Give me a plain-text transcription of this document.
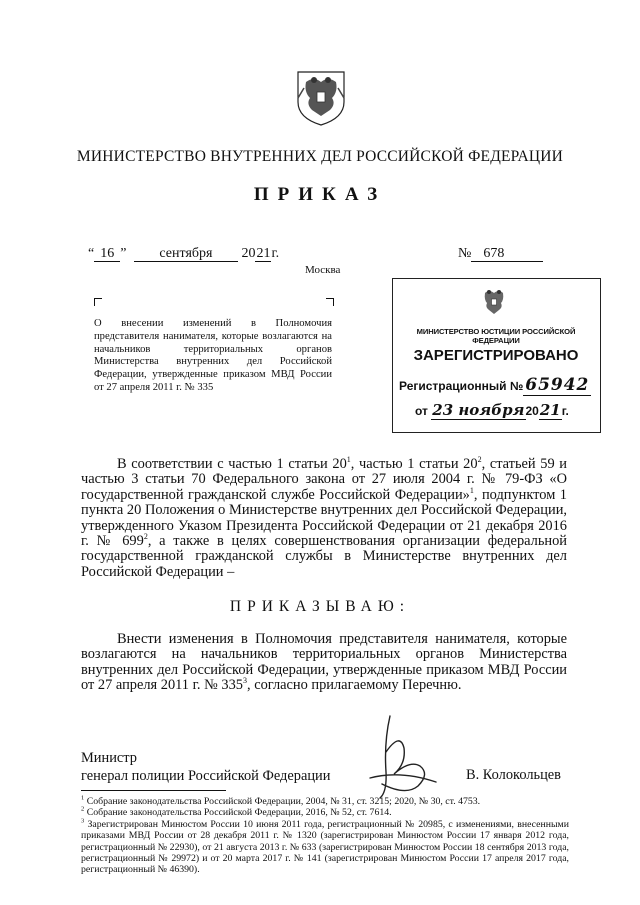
МИНИСТЕРСТВО ВНУТРЕННИХ ДЕЛ РОССИЙСКОЙ ФЕДЕРАЦИИ
ПРИКАЗ
“ 16 ” сентября 2021г.	№ 678
Москва
О внесении изменений в Полномочия представителя нанимателя, которые возлагаются на начальников территориальных органов Министерства внутренних дел Российской Федерации, утвержденные приказом МВД России от 27 апреля 2011 г. № 335
МИНИСТЕРСТВО ЮСТИЦИИ РОССИЙСКОЙ ФЕДЕРАЦИИ
ЗАРЕГИСТРИРОВАНО
Регистрационный № 65942
от 23 ноября2021г.

В соответствии с частью 1 статьи $20^1$, частью 1 статьи $20^2$, статьей 59 и частью 3 статьи 70 Федерального закона от 27 июля 2004 г. № 79-ФЗ «О государственной гражданской службе Российской Федерации»$^1$, подпунктом 1 пункта 20 Положения о Министерстве внутренних дел Российской Федерации, утвержденного Указом Президента Российской Федерации от 21 декабря 2016 г. № $699^2$, а также в целях совершенствования организации федеральной государственной гражданской службы в Министерстве внутренних дел Российской Федерации –

ПРИКАЗЫВАЮ:

Внести изменения в Полномочия представителя нанимателя, которые возлагаются на начальников территориальных органов Министерства внутренних дел Российской Федерации, утвержденные приказом МВД России от 27 апреля 2011 г. № $335^3$, согласно прилагаемому Перечню.

Министр
генерал полиции Российской Федерации	В. Колокольцев

$^1$ Собрание законодательства Российской Федерации, 2004, № 31, ст. 3215; 2020, № 30, ст. 4753.

$^2$ Собрание законодательства Российской Федерации, 2016, № 52, ст. 7614.

$^3$ Зарегистрирован Минюстом России 10 июня 2011 года, регистрационный № 20985, с изменениями, внесенными приказами МВД России от 28 декабря 2011 г. № 1320 (зарегистрирован Минюстом России 17 января 2012 года, регистрационный № 22930), от 21 августа 2013 г. № 633 (зарегистрирован Минюстом России 18 сентября 2013 года, регистрационный № 29972) и от 20 марта 2017 г. № 141 (зарегистрирован Минюстом России 17 апреля 2017 года, регистрационный № 46390).
